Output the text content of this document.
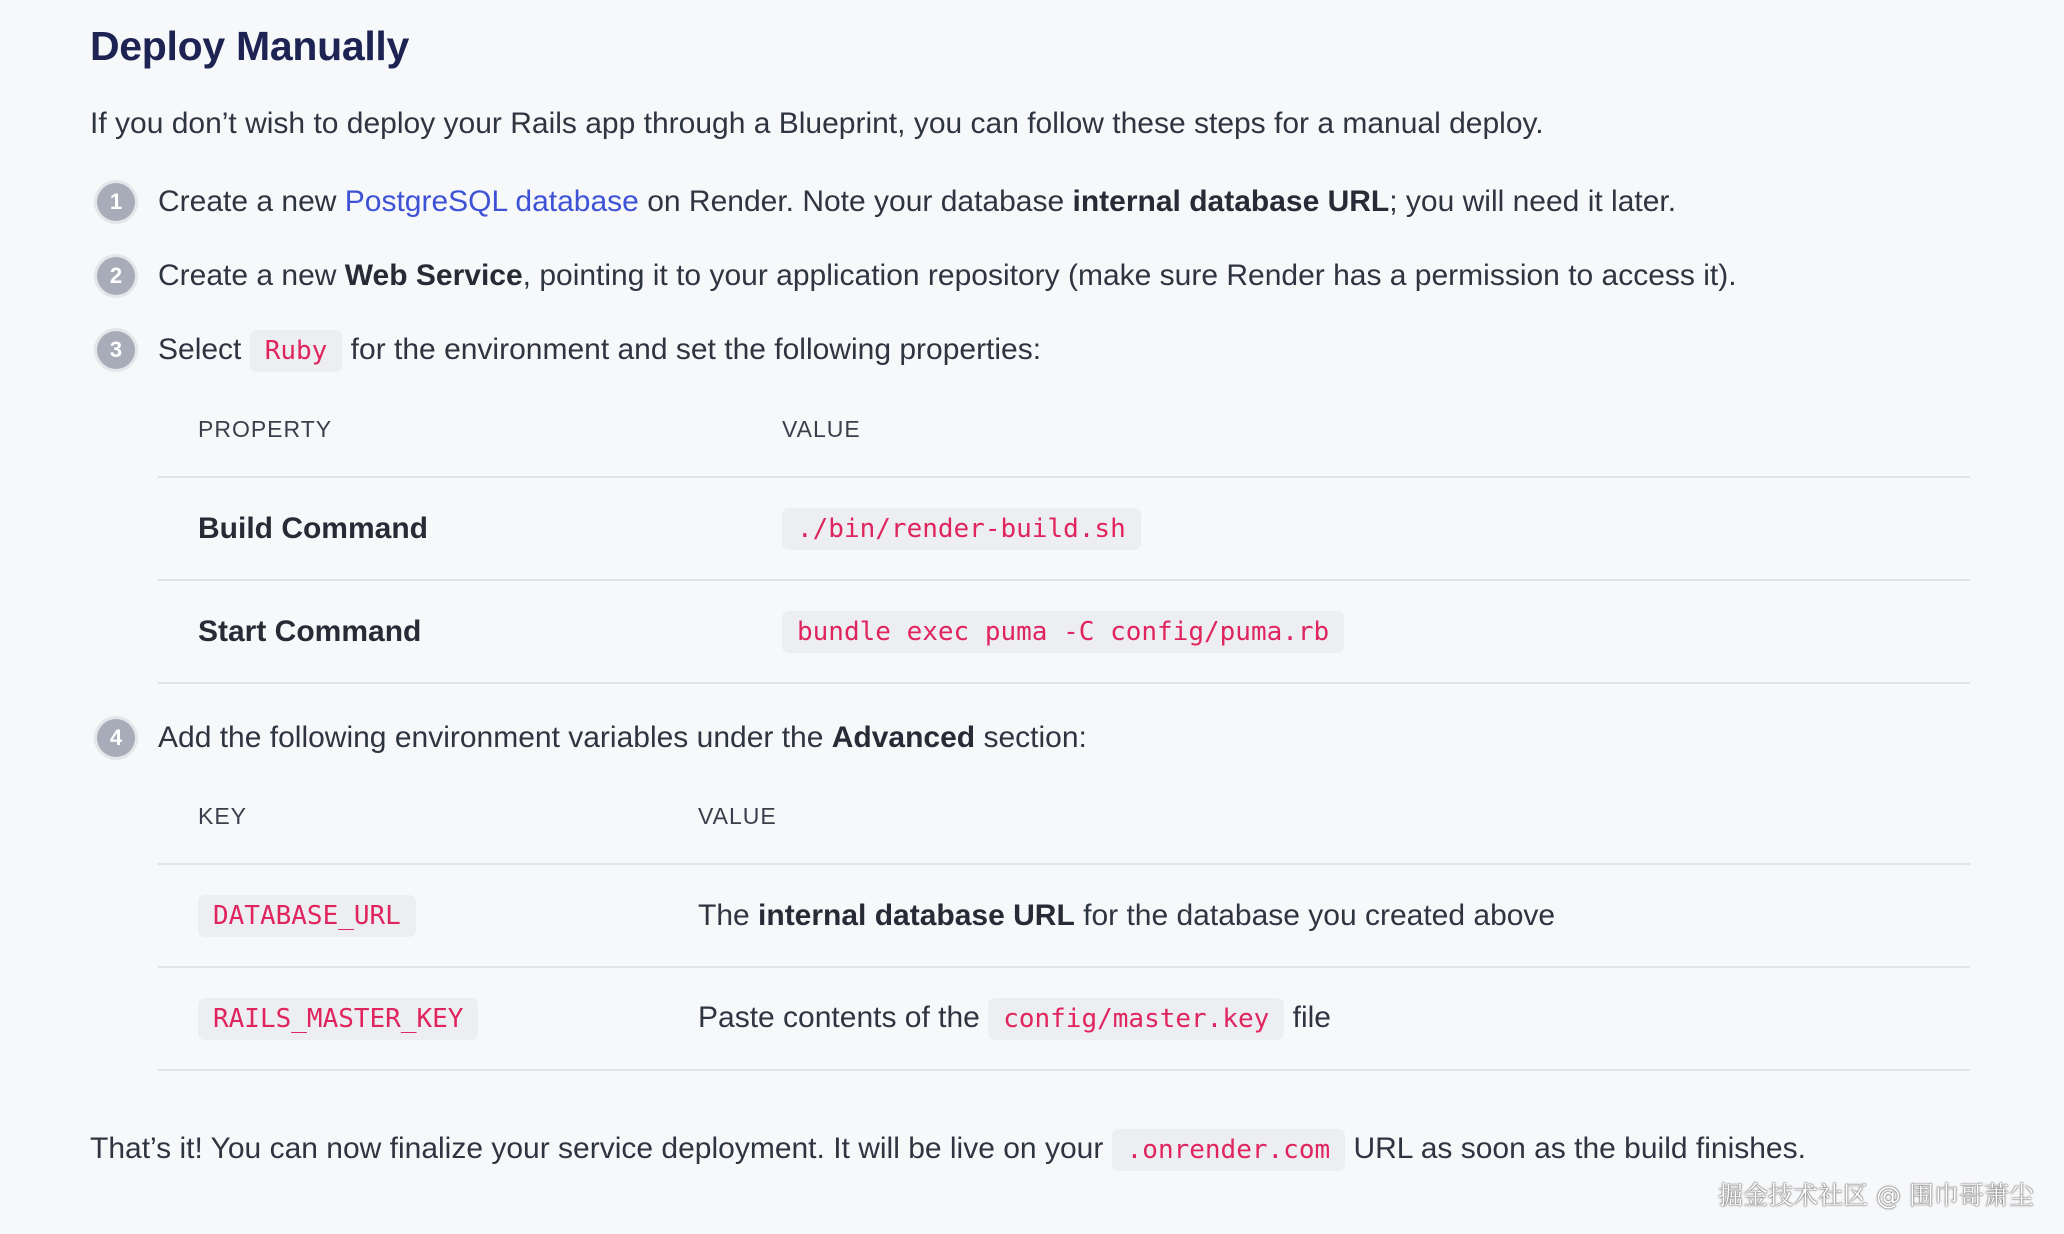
Deploy Manually

If you don’t wish to deploy your Rails app through a Blueprint, you can follow these steps for a manual deploy.

1	Create a new PostgreSQL database on Render. Note your database internal database URL; you will need it later.
2	Create a new Web Service, pointing it to your application repository (make sure Render has a permission to access it).
3	Select Ruby for the environment and set the following properties:
PROPERTY	VALUE
Build Command	./bin/render-build.sh
Start Command	bundle exec puma -C config/puma.rb
4	Add the following environment variables under the Advanced section:
KEY	VALUE
DATABASE_URL	The internal database URL for the database you created above
RAILS_MASTER_KEY	Paste contents of the config/master.key file

That’s it! You can now finalize your service deployment. It will be live on your .onrender.com URL as soon as the build finishes.

掘金技术社区 @ 围巾哥萧尘
